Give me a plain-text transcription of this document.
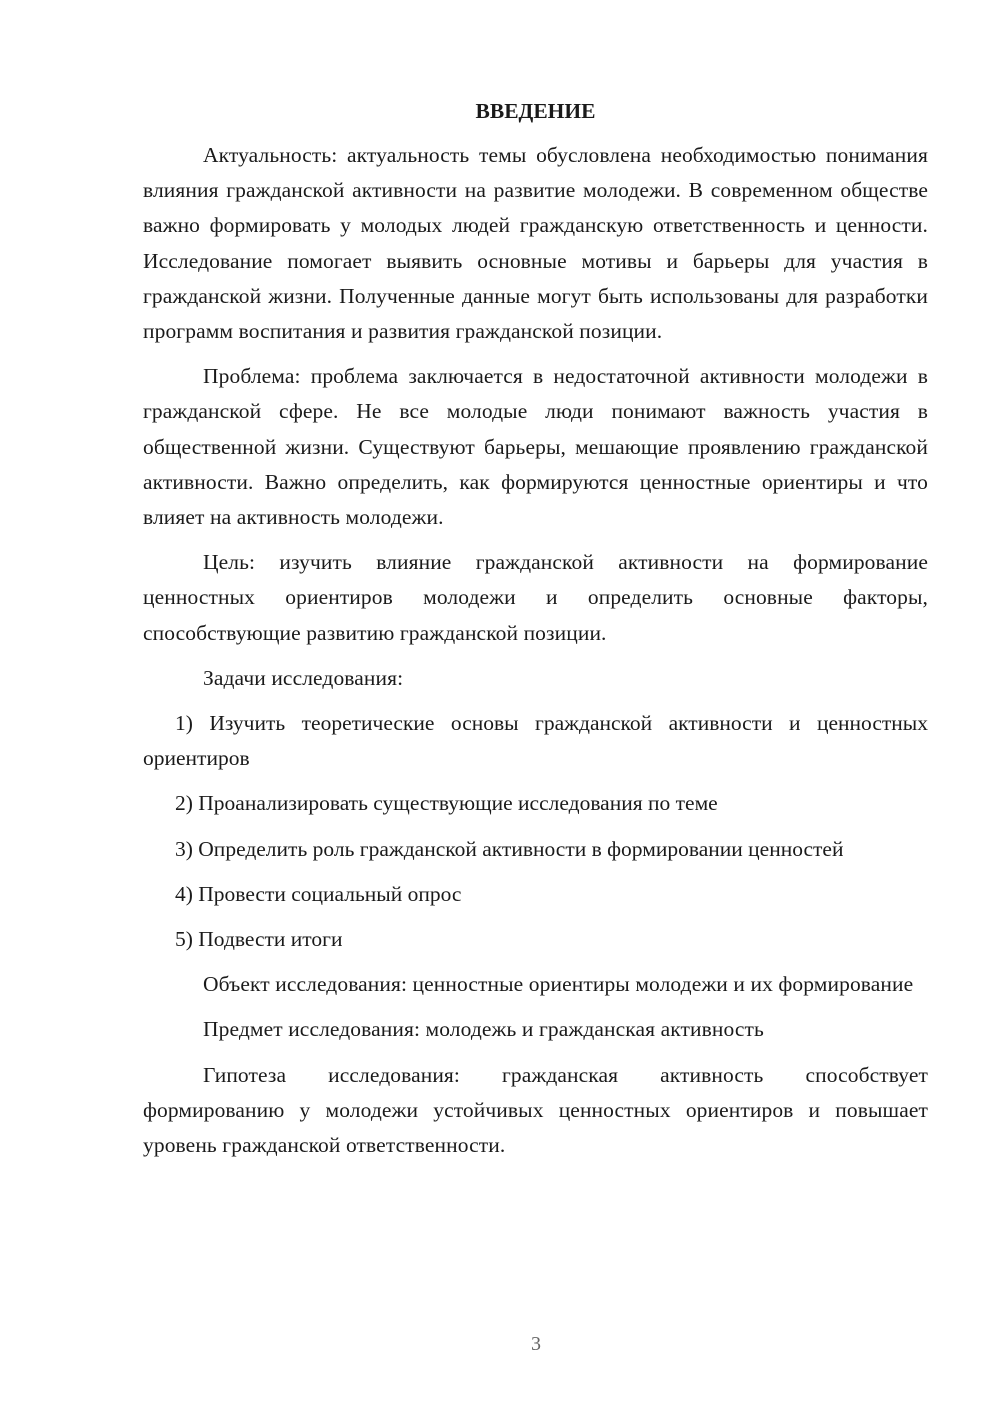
ВВЕДЕНИЕ

Актуальность: актуальность темы обусловлена необходимостью понимания влияния гражданской активности на развитие молодежи. В современном обществе важно формировать у молодых людей гражданскую ответственность и ценности. Исследование помогает выявить основные мотивы и барьеры для участия в гражданской жизни. Полученные данные могут быть использованы для разработки программ воспитания и развития гражданской позиции.

Проблема: проблема заключается в недостаточной активности молодежи в гражданской сфере. Не все молодые люди понимают важность участия в общественной жизни. Существуют барьеры, мешающие проявлению гражданской активности. Важно определить, как формируются ценностные ориентиры и что влияет на активность молодежи.

Цель: изучить влияние гражданской активности на формирование ценностных ориентиров молодежи и определить основные факторы, способствующие развитию гражданской позиции.

Задачи исследования:

1) Изучить теоретические основы гражданской активности и ценностных ориентиров

2) Проанализировать существующие исследования по теме

3) Определить роль гражданской активности в формировании ценностей

4) Провести социальный опрос

5) Подвести итоги

Объект исследования: ценностные ориентиры молодежи и их формирование

Предмет исследования: молодежь и гражданская активность

Гипотеза исследования: гражданская активность способствует формированию у молодежи устойчивых ценностных ориентиров и повышает уровень гражданской ответственности.

3
